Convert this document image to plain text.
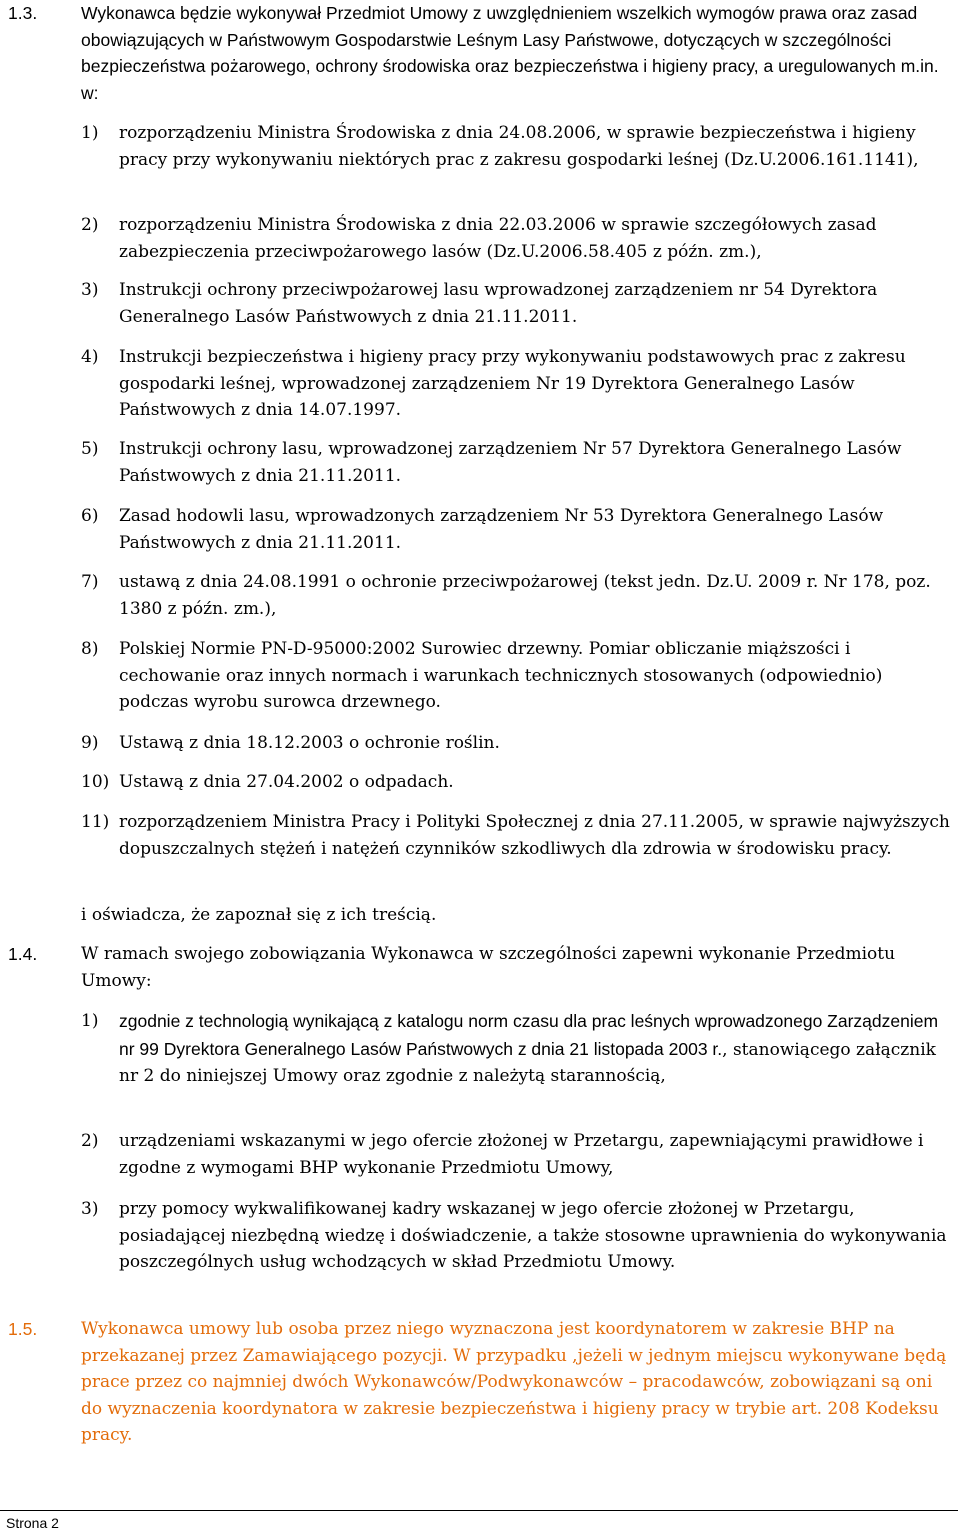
1.3.	Wykonawca będzie wykonywał Przedmiot Umowy z uwzględnieniem wszelkich wymogów prawa oraz zasad obowiązujących w Państwowym Gospodarstwie Leśnym Lasy Państwowe, dotyczących w szczególności bezpieczeństwa pożarowego, ochrony środowiska oraz bezpieczeństwa i higieny pracy, a uregulowanych m.in. w:
1) rozporządzeniu Ministra Środowiska z dnia 24.08.2006, w sprawie bezpieczeństwa i higieny pracy przy wykonywaniu niektórych prac z zakresu gospodarki leśnej (Dz.U.2006.161.1141),
2) rozporządzeniu Ministra Środowiska z dnia 22.03.2006 w sprawie szczegółowych zasad zabezpieczenia przeciwpożarowego lasów (Dz.U.2006.58.405 z późn. zm.),
3) Instrukcji ochrony przeciwpożarowej lasu wprowadzonej zarządzeniem nr 54 Dyrektora Generalnego Lasów Państwowych z dnia 21.11.2011.
4) Instrukcji bezpieczeństwa i higieny pracy przy wykonywaniu podstawowych prac z zakresu gospodarki leśnej, wprowadzonej zarządzeniem Nr 19 Dyrektora Generalnego Lasów Państwowych z dnia 14.07.1997.
5) Instrukcji ochrony lasu, wprowadzonej zarządzeniem Nr 57 Dyrektora Generalnego Lasów Państwowych z dnia 21.11.2011.
6) Zasad hodowli lasu, wprowadzonych zarządzeniem Nr 53 Dyrektora Generalnego Lasów Państwowych z dnia 21.11.2011.
7) ustawą z dnia 24.08.1991 o ochronie przeciwpożarowej (tekst jedn. Dz.U. 2009 r. Nr 178, poz. 1380 z późn. zm.),
8) Polskiej Normie PN-D-95000:2002 Surowiec drzewny. Pomiar obliczanie miąższości i cechowanie oraz innych normach i warunkach technicznych stosowanych (odpowiednio) podczas wyrobu surowca drzewnego.
9) Ustawą z dnia 18.12.2003 o ochronie roślin.
10) Ustawą z dnia 27.04.2002 o odpadach.
11) rozporządzeniem Ministra Pracy i Polityki Społecznej z dnia 27.11.2005, w sprawie najwyższych dopuszczalnych stężeń i natężeń czynników szkodliwych dla zdrowia w środowisku pracy.
i oświadcza, że zapoznał się z ich treścią.
1.4.	W ramach swojego zobowiązania Wykonawca w szczególności zapewni wykonanie Przedmiotu Umowy:
1) zgodnie z technologią wynikającą z katalogu norm czasu dla prac leśnych wprowadzonego Zarządzeniem nr 99 Dyrektora Generalnego Lasów Państwowych z dnia 21 listopada 2003 r., stanowiącego załącznik nr 2 do niniejszej Umowy oraz zgodnie z należytą starannością,
2) urządzeniami wskazanymi w jego ofercie złożonej w Przetargu, zapewniającymi prawidłowe i zgodne z wymogami BHP wykonanie Przedmiotu Umowy,
3) przy pomocy wykwalifikowanej kadry wskazanej w jego ofercie złożonej w Przetargu, posiadającej niezbędną wiedzę i doświadczenie, a także stosowne uprawnienia do wykonywania poszczególnych usług wchodzących w skład Przedmiotu Umowy.
1.5.	Wykonawca umowy lub osoba przez niego wyznaczona jest koordynatorem w zakresie BHP na przekazanej przez Zamawiającego pozycji. W przypadku ,jeżeli w jednym miejscu wykonywane będą prace przez co najmniej dwóch Wykonawców/Podwykonawców – pracodawców, zobowiązani są oni do wyznaczenia koordynatora w zakresie bezpieczeństwa i higieny pracy w trybie art. 208 Kodeksu pracy.
Strona 2
